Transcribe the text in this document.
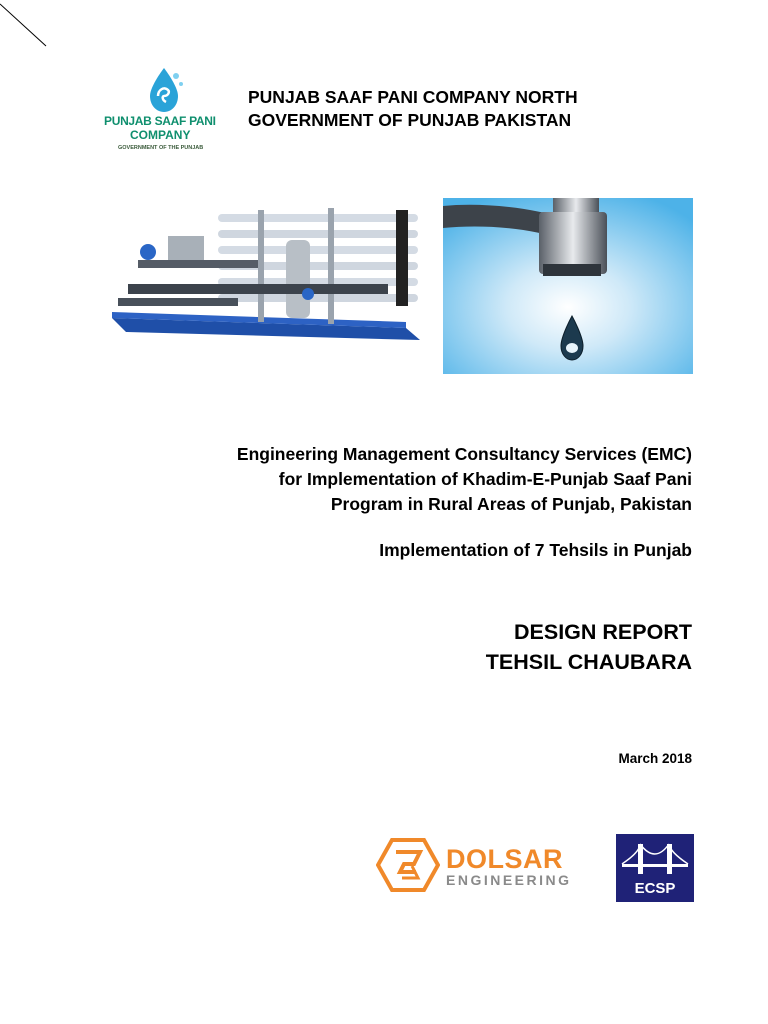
PUNJAB SAAF PANI
COMPANY
GOVERNMENT OF THE PUNJAB
PUNJAB SAAF PANI COMPANY NORTH
GOVERNMENT OF PUNJAB PAKISTAN
Engineering Management Consultancy Services (EMC)
for Implementation of Khadim-E-Punjab Saaf Pani
Program in Rural Areas of Punjab, Pakistan
Implementation of 7 Tehsils in Punjab
DESIGN REPORT
TEHSIL CHAUBARA
March 2018
DOLSAR
ENGINEERING	ECSP
